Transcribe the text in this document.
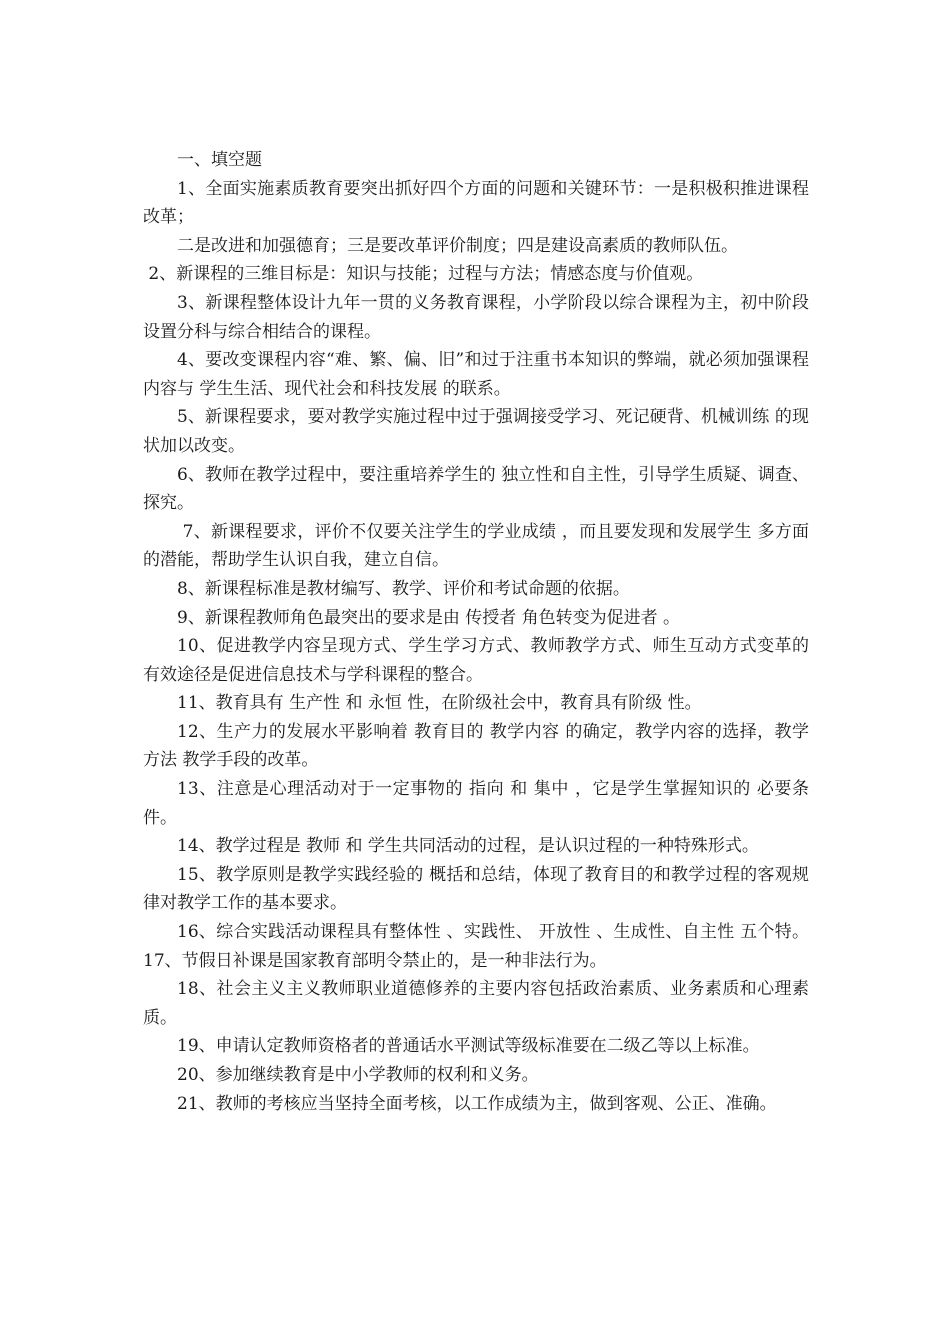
一、填空题

1、全面实施素质教育要突出抓好四个方面的问题和关键环节：一是积极积推进课程改革；

二是改进和加强德育；三是要改革评价制度；四是建设高素质的教师队伍。

2、新课程的三维目标是：知识与技能；过程与方法；情感态度与价值观。

3、新课程整体设计九年一贯的义务教育课程，小学阶段以综合课程为主，初中阶段设置分科与综合相结合的课程。

4、要改变课程内容“难、繁、偏、旧”和过于注重书本知识的弊端，就必须加强课程内容与 学生生活、现代社会和科技发展 的联系。

5、新课程要求，要对教学实施过程中过于强调接受学习、死记硬背、机械训练 的现状加以改变。

6、教师在教学过程中，要注重培养学生的 独立性和自主性，引导学生质疑、调查、探究。

7、新课程要求，评价不仅要关注学生的学业成绩 ，而且要发现和发展学生 多方面的潜能，帮助学生认识自我，建立自信。

8、新课程标准是教材编写、教学、评价和考试命题的依据。

9、新课程教师角色最突出的要求是由 传授者 角色转变为促进者 。

10、促进教学内容呈现方式、学生学习方式、教师教学方式、师生互动方式变革的有效途径是促进信息技术与学科课程的整合。

11、教育具有 生产性 和 永恒 性，在阶级社会中，教育具有阶级 性。

12、生产力的发展水平影响着 教育目的 教学内容 的确定，教学内容的选择，教学方法 教学手段的改革。

13、注意是心理活动对于一定事物的 指向 和 集中 ，它是学生掌握知识的 必要条件。

14、教学过程是 教师 和 学生共同活动的过程，是认识过程的一种特殊形式。

15、教学原则是教学实践经验的 概括和总结，体现了教育目的和教学过程的客观规律对教学工作的基本要求。

16、综合实践活动课程具有整体性 、实践性、 开放性 、生成性、自主性 五个特。 17、节假日补课是国家教育部明令禁止的，是一种非法行为。

18、社会主义主义教师职业道德修养的主要内容包括政治素质、业务素质和心理素质。

19、申请认定教师资格者的普通话水平测试等级标准要在二级乙等以上标准。

20、参加继续教育是中小学教师的权利和义务。

21、教师的考核应当坚持全面考核，以工作成绩为主，做到客观、公正、准确。
